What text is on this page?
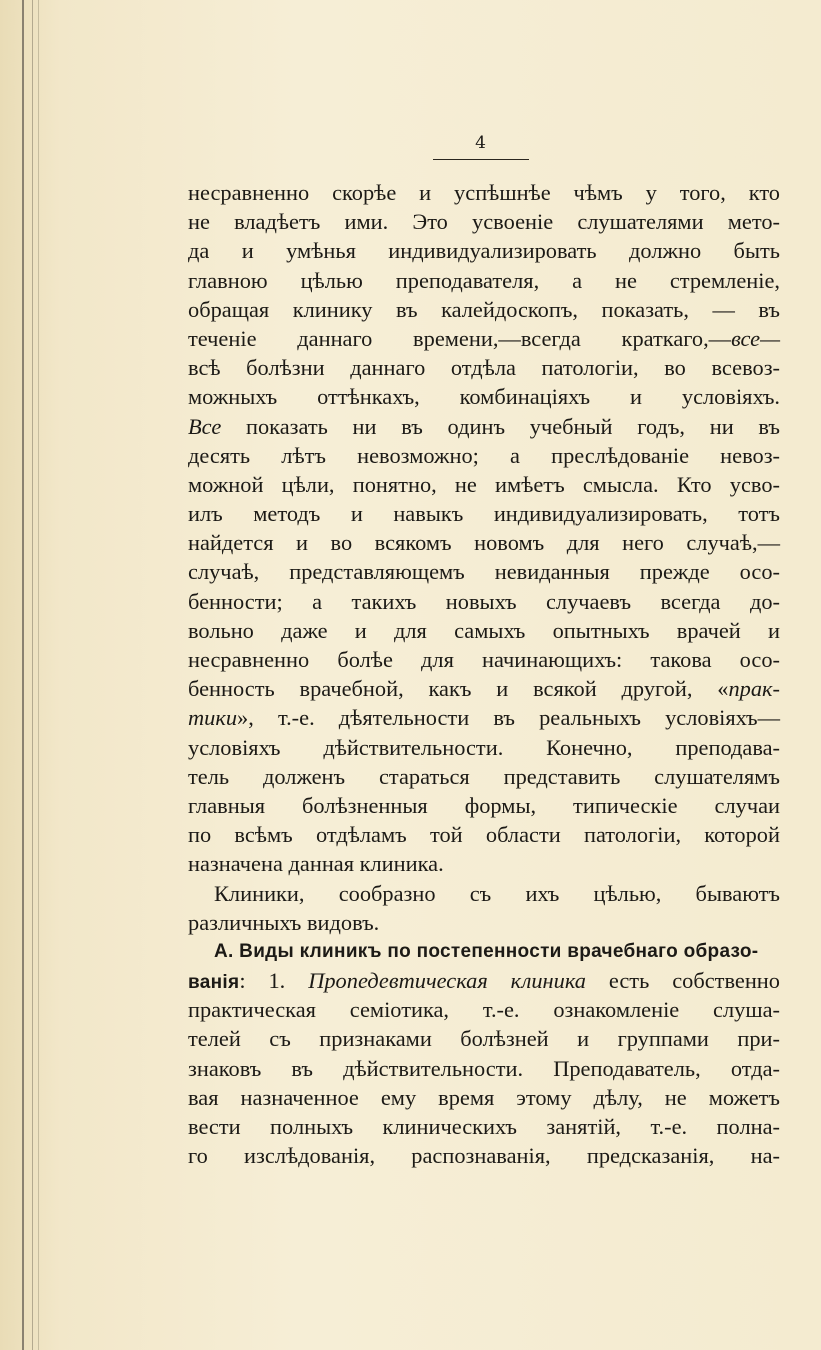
4
несравненно скорѣе и успѣшнѣе чѣмъ у того, кто
не владѣетъ ими. Это усвоенiе слушателями мето-
да и умѣнья индивидуализировать должно быть
главною цѣлью преподавателя, а не стремленiе,
обращая клинику въ калейдоскопъ, показать, — въ
теченiе даннаго времени,—всегда краткаго,—все—
всѣ болѣзни даннаго отдѣла патологiи, во всевоз-
можныхъ оттѣнкахъ, комбинацiяхъ и условiяхъ.
Все показать ни въ одинъ учебный годъ, ни въ
десять лѣтъ невозможно; а преслѣдованiе невоз-
можной цѣли, понятно, не имѣетъ смысла. Кто усво-
илъ методъ и навыкъ индивидуализировать, тотъ
найдется и во всякомъ новомъ для него случаѣ,—
случаѣ, представляющемъ невиданныя прежде осо-
бенности; а такихъ новыхъ случаевъ всегда до-
вольно даже и для самыхъ опытныхъ врачей и
несравненно болѣе для начинающихъ: такова осо-
бенность врачебной, какъ и всякой другой, «прак-
тики», т.-е. дѣятельности въ реальныхъ условiяхъ—
условiяхъ дѣйствительности. Конечно, преподава-
тель долженъ стараться представить слушателямъ
главныя болѣзненныя формы, типическiе случаи
по всѣмъ отдѣламъ той области патологiи, которой
назначена данная клиника.
Клиники, сообразно съ ихъ цѣлью, бываютъ
различныхъ видовъ.
А. Виды клиникъ по постепенности врачебнаго образо-
ванiя: 1. Пропедевтическая клиника есть собственно
практическая семiотика, т.-е. ознакомленiе слуша-
телей съ признаками болѣзней и группами при-
знаковъ въ дѣйствительности. Преподаватель, отда-
вая назначенное ему время этому дѣлу, не можетъ
вести полныхъ клиническихъ занятiй, т.-е. полна-
го изслѣдованiя, распознаванiя, предсказанiя, на-
